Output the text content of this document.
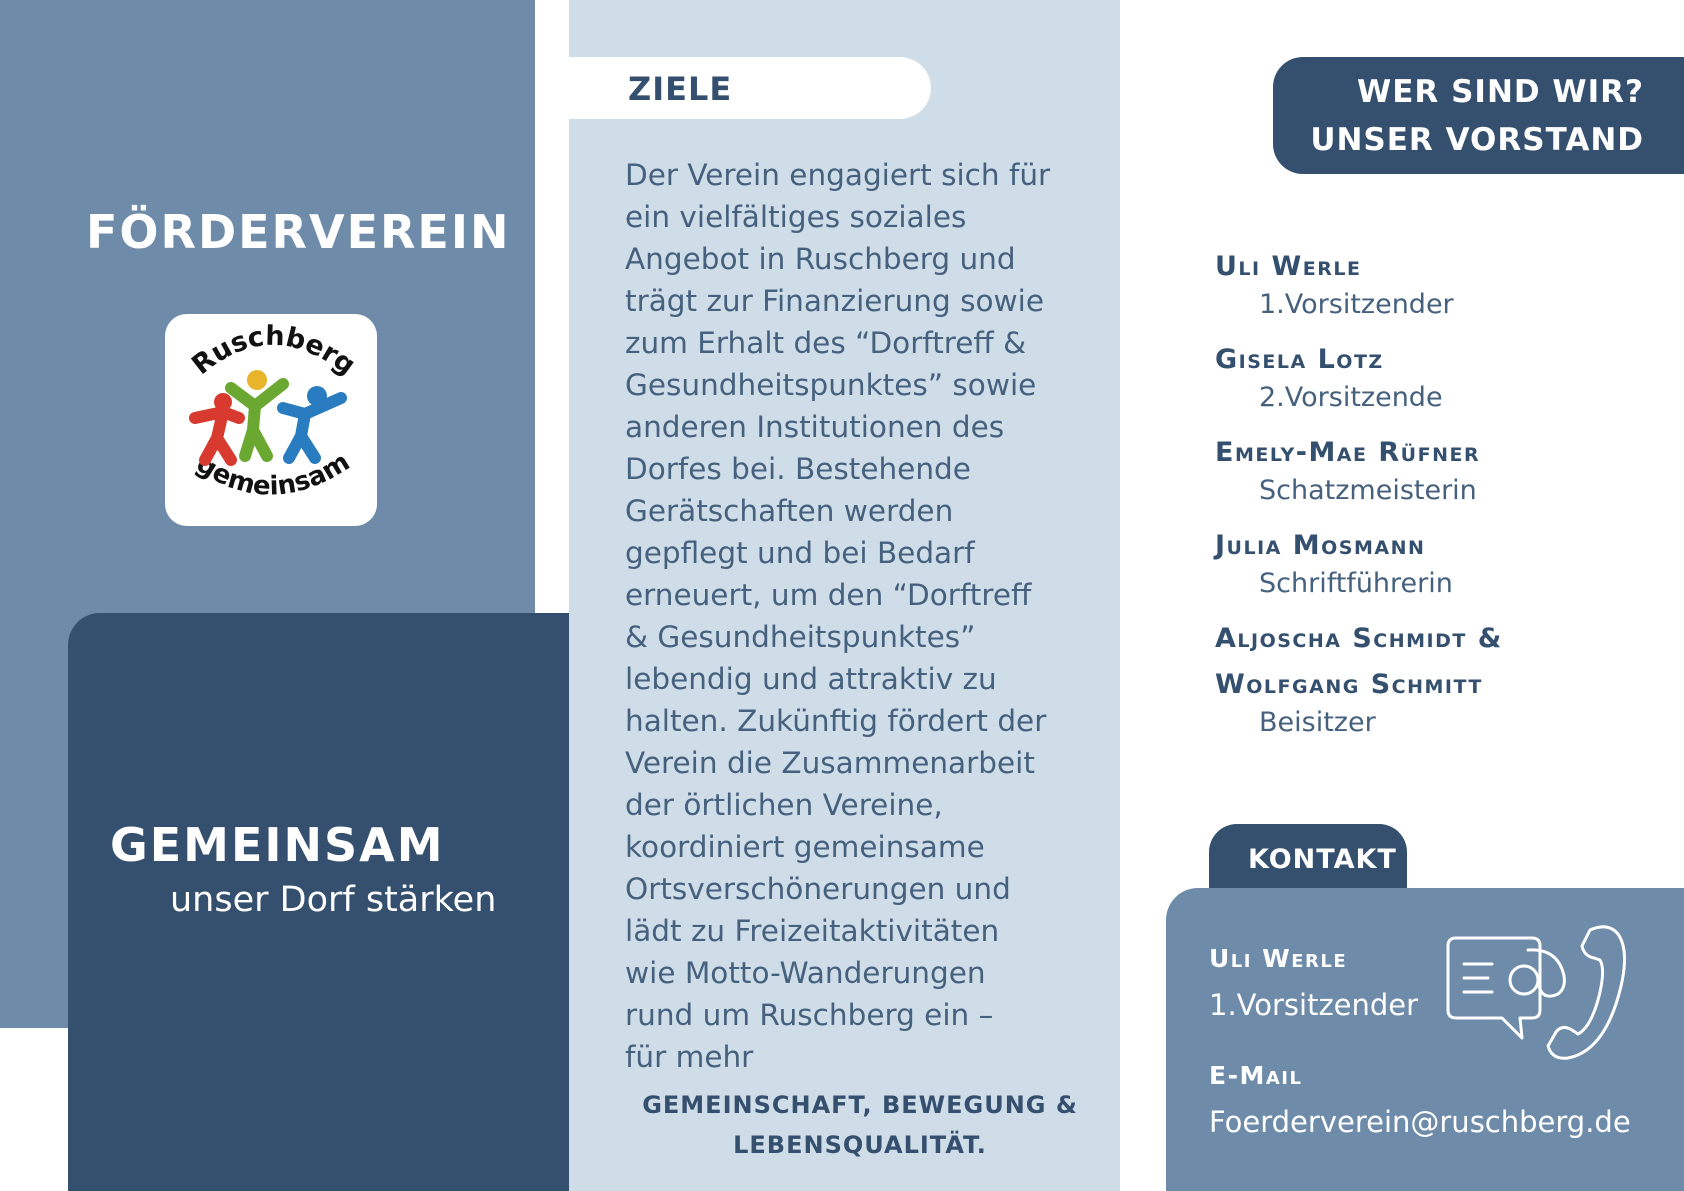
FÖRDERVEREIN
Ruschberg
gemeinsam
GEMEINSAM
unser Dorf stärken
ZIELE

Der Verein engagiert sich für
ein vielfältiges soziales
Angebot in Ruschberg und
trägt zur Finanzierung sowie
zum Erhalt des “Dorftreff &
Gesundheitspunktes” sowie
anderen Institutionen des
Dorfes bei. Bestehende
Gerätschaften werden
gepflegt und bei Bedarf
erneuert, um den “Dorftreff
& Gesundheitspunktes”
lebendig und attraktiv zu
halten. Zukünftig fördert der
Verein die Zusammenarbeit
der örtlichen Vereine,
koordiniert gemeinsame
Ortsverschönerungen und
lädt zu Freizeitaktivitäten
wie Motto-Wanderungen
rund um Ruschberg ein –
für mehr

GEMEINSCHAFT, BEWEGUNG &
LEBENSQUALITÄT.

WER SIND WIR?
UNSER VORSTAND

Uli Werle
1.Vorsitzender
Gisela Lotz
2.Vorsitzende
Emely-Mae Rüfner
Schatzmeisterin
Julia Mosmann
Schriftführerin
Aljoscha Schmidt &
Wolfgang Schmitt
Beisitzer
KONTAKT
Uli Werle
1.Vorsitzender
E-Mail
Foerderverein@ruschberg.de
